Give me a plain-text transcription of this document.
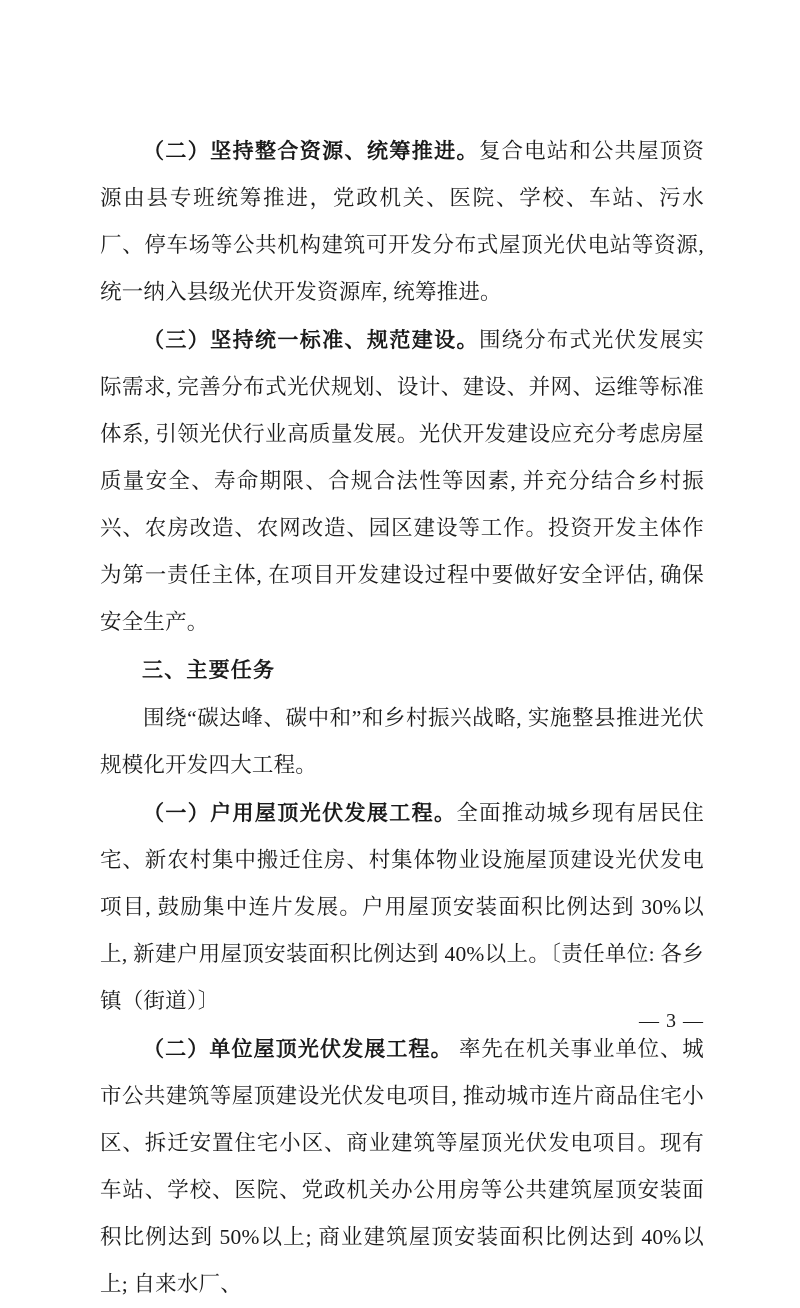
（二）坚持整合资源、统筹推进。复合电站和公共屋顶资源由县专班统筹推进，党政机关、医院、学校、车站、污水厂、停车场等公共机构建筑可开发分布式屋顶光伏电站等资源, 统一纳入县级光伏开发资源库, 统筹推进。

（三）坚持统一标准、规范建设。围绕分布式光伏发展实际需求, 完善分布式光伏规划、设计、建设、并网、运维等标准体系, 引领光伏行业高质量发展。光伏开发建设应充分考虑房屋质量安全、寿命期限、合规合法性等因素, 并充分结合乡村振兴、农房改造、农网改造、园区建设等工作。投资开发主体作为第一责任主体, 在项目开发建设过程中要做好安全评估, 确保安全生产。

三、主要任务

围绕“碳达峰、碳中和”和乡村振兴战略, 实施整县推进光伏规模化开发四大工程。

（一）户用屋顶光伏发展工程。全面推动城乡现有居民住宅、新农村集中搬迁住房、村集体物业设施屋顶建设光伏发电项目, 鼓励集中连片发展。户用屋顶安装面积比例达到 30%以上, 新建户用屋顶安装面积比例达到 40%以上。〔责任单位: 各乡镇（街道）〕

（二）单位屋顶光伏发展工程。 率先在机关事业单位、城市公共建筑等屋顶建设光伏发电项目, 推动城市连片商品住宅小区、拆迁安置住宅小区、商业建筑等屋顶光伏发电项目。现有车站、学校、医院、党政机关办公用房等公共建筑屋顶安装面积比例达到 50%以上; 商业建筑屋顶安装面积比例达到 40%以上; 自来水厂、

— 3 —
